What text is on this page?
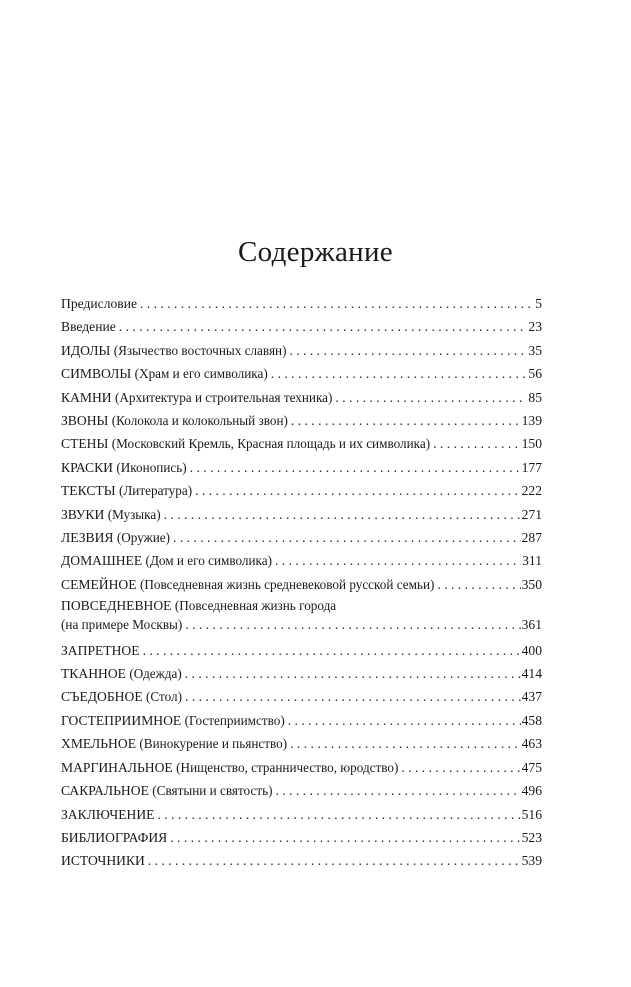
Содержание
Предисловие . . .	5
Введение . . .	23
ИДОЛЫ (Язычество восточных славян) . . .	35
СИМВОЛЫ (Храм и его символика) . . .	56
КАМНИ (Архитектура и строительная техника) . . .	85
ЗВОНЫ (Колокола и колокольный звон) . . .	139
СТЕНЫ (Московский Кремль, Красная площадь и их символика) . . .	150
КРАСКИ (Иконопись) . . .	177
ТЕКСТЫ (Литература) . . .	222
ЗВУКИ (Музыка) . . .	271
ЛЕЗВИЯ (Оружие) . . .	287
ДОМАШНЕЕ (Дом и его символика) . . .	311
СЕМЕЙНОЕ (Повседневная жизнь средневековой русской семьи) . . .	350
ПОВСЕДНЕВНОЕ (Повседневная жизнь города
(на примере Москвы) . . .	361
ЗАПРЕТНОЕ . . .	400
ТКАННОЕ (Одежда) . . .	414
СЪЕДОБНОЕ (Стол) . . .	437
ГОСТЕПРИИМНОЕ (Гостеприимство) . . .	458
ХМЕЛЬНОЕ (Винокурение и пьянство) . . .	463
МАРГИНАЛЬНОЕ (Нищенство, странничество, юродство) . . .	475
САКРАЛЬНОЕ (Святыни и святость) . . .	496
ЗАКЛЮЧЕНИЕ . . .	516
БИБЛИОГРАФИЯ . . .	523
ИСТОЧНИКИ . . .	539
